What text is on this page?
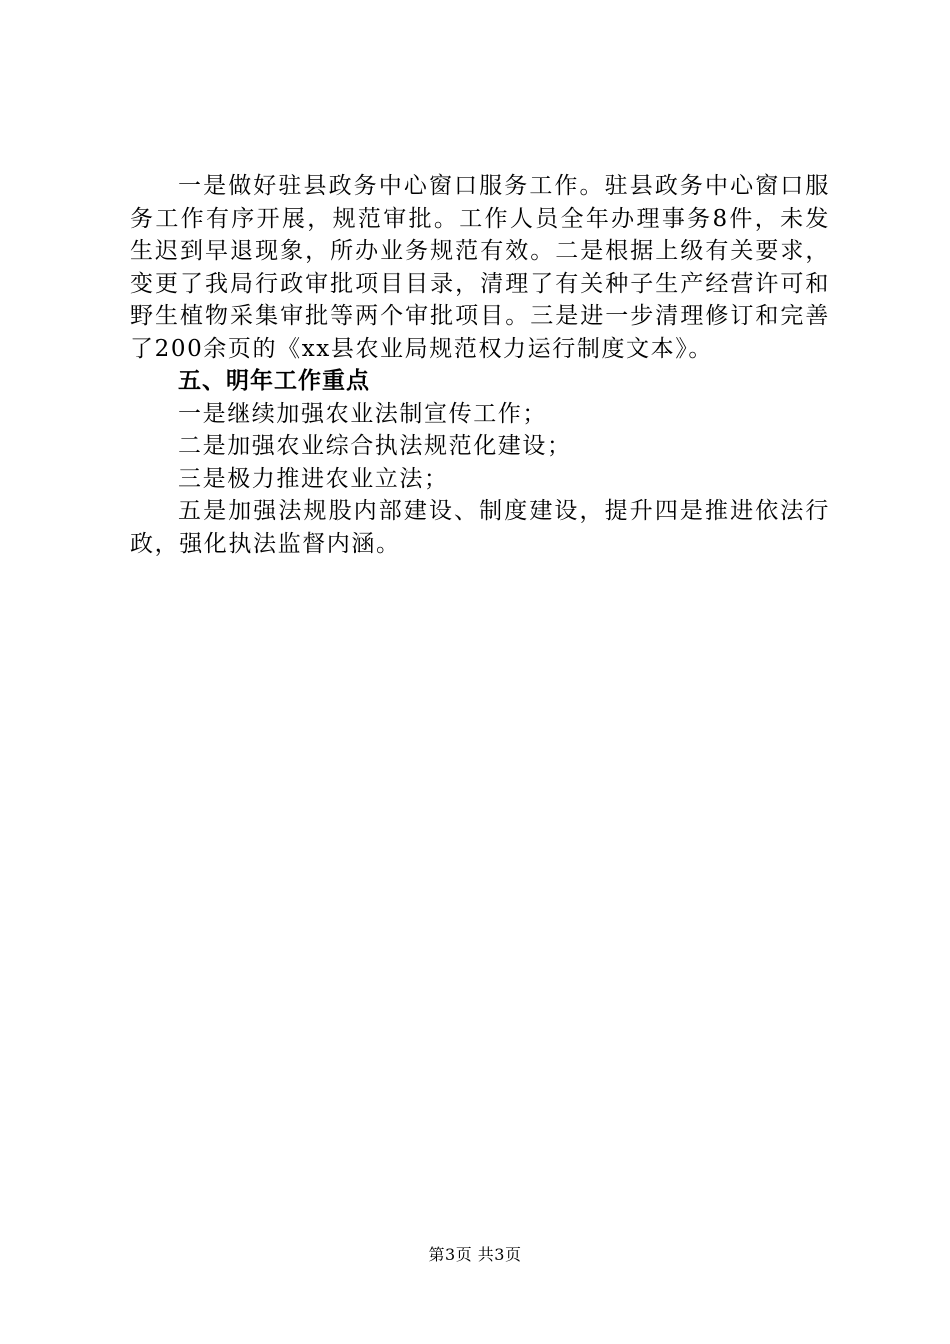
一是做好驻县政务中心窗口服务工作。驻县政务中心窗口服务工作有序开展，规范审批。工作人员全年办理事务8件，未发生迟到早退现象，所办业务规范有效。二是根据上级有关要求，变更了我局行政审批项目目录，清理了有关种子生产经营许可和野生植物采集审批等两个审批项目。三是进一步清理修订和完善了200余页的《xx县农业局规范权力运行制度文本》。

五、明年工作重点

一是继续加强农业法制宣传工作；

二是加强农业综合执法规范化建设；

三是极力推进农业立法；

五是加强法规股内部建设、制度建设，提升四是推进依法行政，强化执法监督内涵。

第3页 共3页
